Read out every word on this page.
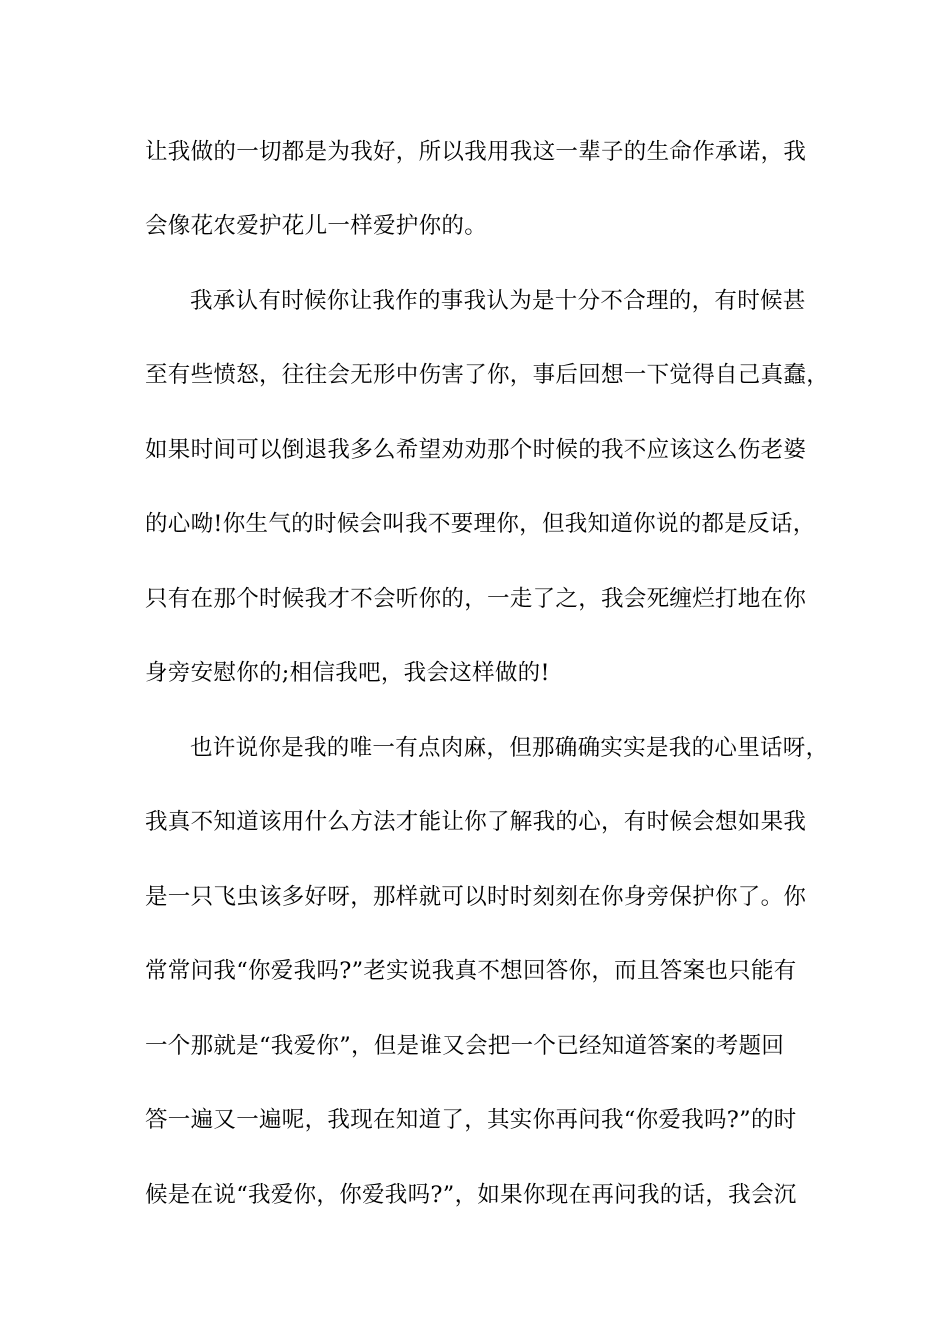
让我做的一切都是为我好，所以我用我这一辈子的生命作承诺，我
会像花农爱护花儿一样爱护你的。
我承认有时候你让我作的事我认为是十分不合理的，有时候甚
至有些愤怒，往往会无形中伤害了你，事后回想一下觉得自己真蠢，
如果时间可以倒退我多么希望劝劝那个时候的我不应该这么伤老婆
的心呦!你生气的时候会叫我不要理你，但我知道你说的都是反话，
只有在那个时候我才不会听你的，一走了之，我会死缠烂打地在你
身旁安慰你的;相信我吧，我会这样做的!
也许说你是我的唯一有点肉麻，但那确确实实是我的心里话呀，
我真不知道该用什么方法才能让你了解我的心，有时候会想如果我
是一只飞虫该多好呀，那样就可以时时刻刻在你身旁保护你了。你
常常问我“你爱我吗?”老实说我真不想回答你，而且答案也只能有
一个那就是“我爱你”，但是谁又会把一个已经知道答案的考题回
答一遍又一遍呢，我现在知道了，其实你再问我“你爱我吗?”的时
候是在说“我爱你，你爱我吗?”，如果你现在再问我的话，我会沉
